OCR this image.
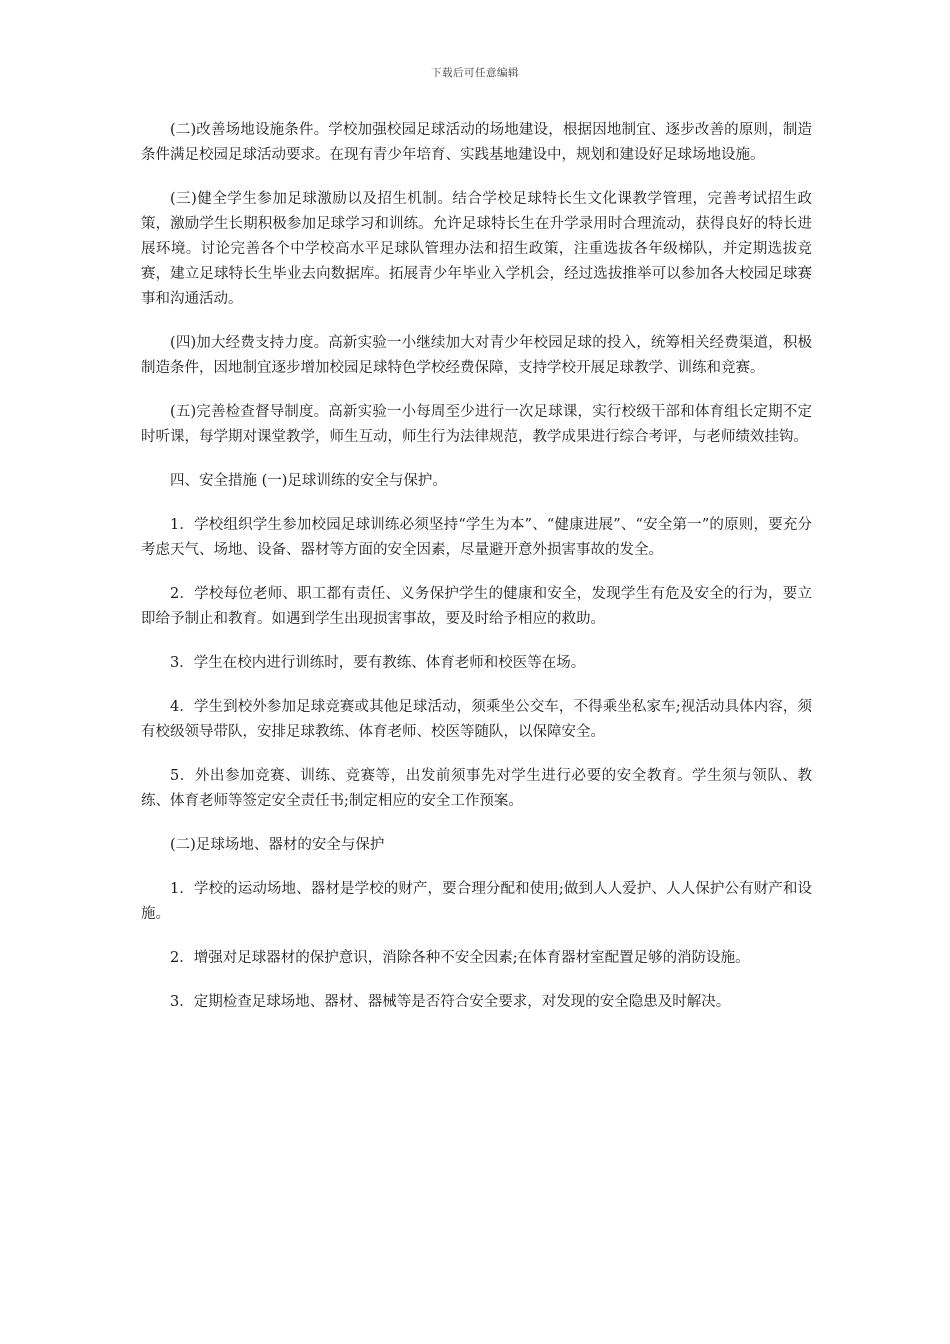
下载后可任意编辑

(二)改善场地设施条件。学校加强校园足球活动的场地建设，根据因地制宜、逐步改善的原则，制造条件满足校园足球活动要求。在现有青少年培育、实践基地建设中，规划和建设好足球场地设施。

(三)健全学生参加足球激励以及招生机制。结合学校足球特长生文化课教学管理，完善考试招生政策，激励学生长期积极参加足球学习和训练。允许足球特长生在升学录用时合理流动，获得良好的特长进展环境。讨论完善各个中学校高水平足球队管理办法和招生政策，注重选拔各年级梯队，并定期选拔竞赛，建立足球特长生毕业去向数据库。拓展青少年毕业入学机会，经过选拔推举可以参加各大校园足球赛事和沟通活动。

(四)加大经费支持力度。高新实验一小继续加大对青少年校园足球的投入，统筹相关经费渠道，积极制造条件，因地制宜逐步增加校园足球特色学校经费保障，支持学校开展足球教学、训练和竞赛。

(五)完善检查督导制度。高新实验一小每周至少进行一次足球课，实行校级干部和体育组长定期不定时听课，每学期对课堂教学，师生互动，师生行为法律规范，教学成果进行综合考评，与老师绩效挂钩。

四、安全措施 (一)足球训练的安全与保护。

1．学校组织学生参加校园足球训练必须坚持“学生为本”、“健康进展”、“安全第一”的原则，要充分考虑天气、场地、设备、器材等方面的安全因素，尽量避开意外损害事故的发全。

2．学校每位老师、职工都有责任、义务保护学生的健康和安全，发现学生有危及安全的行为，要立即给予制止和教育。如遇到学生出现损害事故，要及时给予相应的救助。

3．学生在校内进行训练时，要有教练、体育老师和校医等在场。

4．学生到校外参加足球竞赛或其他足球活动，须乘坐公交车，不得乘坐私家车;视活动具体内容，须有校级领导带队，安排足球教练、体育老师、校医等随队，以保障安全。

5．外出参加竞赛、训练、竞赛等，出发前须事先对学生进行必要的安全教育。学生须与领队、教练、体育老师等签定安全责任书;制定相应的安全工作预案。

(二)足球场地、器材的安全与保护

1．学校的运动场地、器材是学校的财产，要合理分配和使用;做到人人爱护、人人保护公有财产和设施。

2．增强对足球器材的保护意识，消除各种不安全因素;在体育器材室配置足够的消防设施。

3．定期检查足球场地、器材、器械等是否符合安全要求，对发现的安全隐患及时解决。
